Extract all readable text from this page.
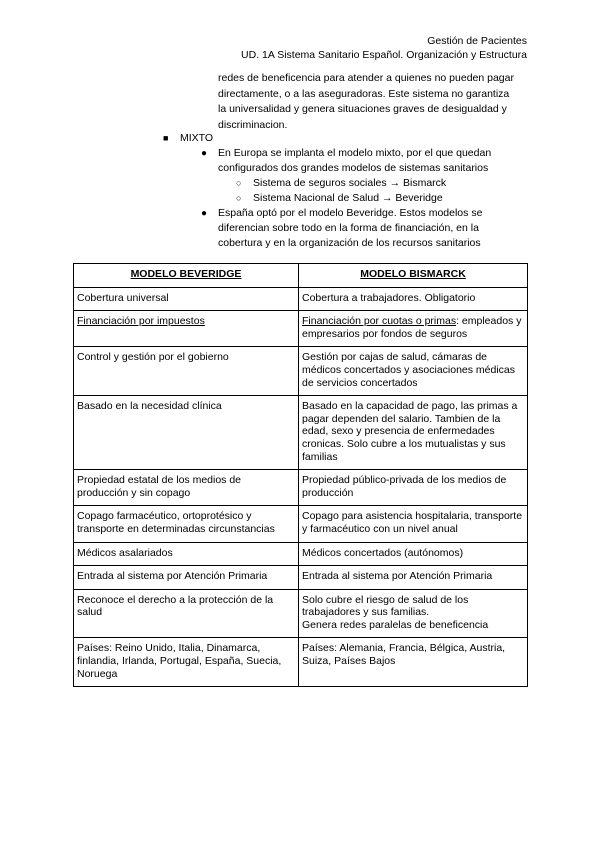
Gestión de Pacientes
UD. 1A Sistema Sanitario Español. Organización y Estructura
redes de beneficencia para atender a quienes no pueden pagar directamente, o a las aseguradoras. Este sistema no garantiza la universalidad y genera situaciones graves de desigualdad y discriminacion.
■ MIXTO
● En Europa se implanta el modelo mixto, por el que quedan configurados dos grandes modelos de sistemas sanitarios
○ Sistema de seguros sociales → Bismarck
○ Sistema Nacional de Salud → Beveridge
● España optó por el modelo Beveridge. Estos modelos se diferencian sobre todo en la forma de financiación, en la cobertura y en la organización de los recursos sanitarios
MODELO BEVERIDGE	MODELO BISMARCK
Cobertura universal	Cobertura a trabajadores. Obligatorio
Financiación por impuestos	Financiación por cuotas o primas: empleados y empresarios por fondos de seguros
Control y gestión por el gobierno	Gestión por cajas de salud, cámaras de médicos concertados y asociaciones médicas de servicios concertados
Basado en la necesidad clínica	Basado en la capacidad de pago, las primas a pagar dependen del salario. Tambien de la edad, sexo y presencia de enfermedades cronicas. Solo cubre a los mutualistas y sus familias
Propiedad estatal de los medios de producción y sin copago	Propiedad público-privada de los medios de producción
Copago farmacéutico, ortoprotésico y transporte en determinadas circunstancias	Copago para asistencia hospitalaria, transporte y farmacéutico con un nivel anual
Médicos asalariados	Médicos concertados (autónomos)
Entrada al sistema por Atención Primaria	Entrada al sistema por Atención Primaria
Reconoce el derecho a la protección de la salud	Solo cubre el riesgo de salud de los trabajadores y sus familias.
Genera redes paralelas de beneficencia

Países: Reino Unido, Italia, Dinamarca, finlandia, Irlanda, Portugal, España, Suecia, Noruega	Países: Alemania, Francia, Bélgica, Austria, Suiza, Países Bajos
